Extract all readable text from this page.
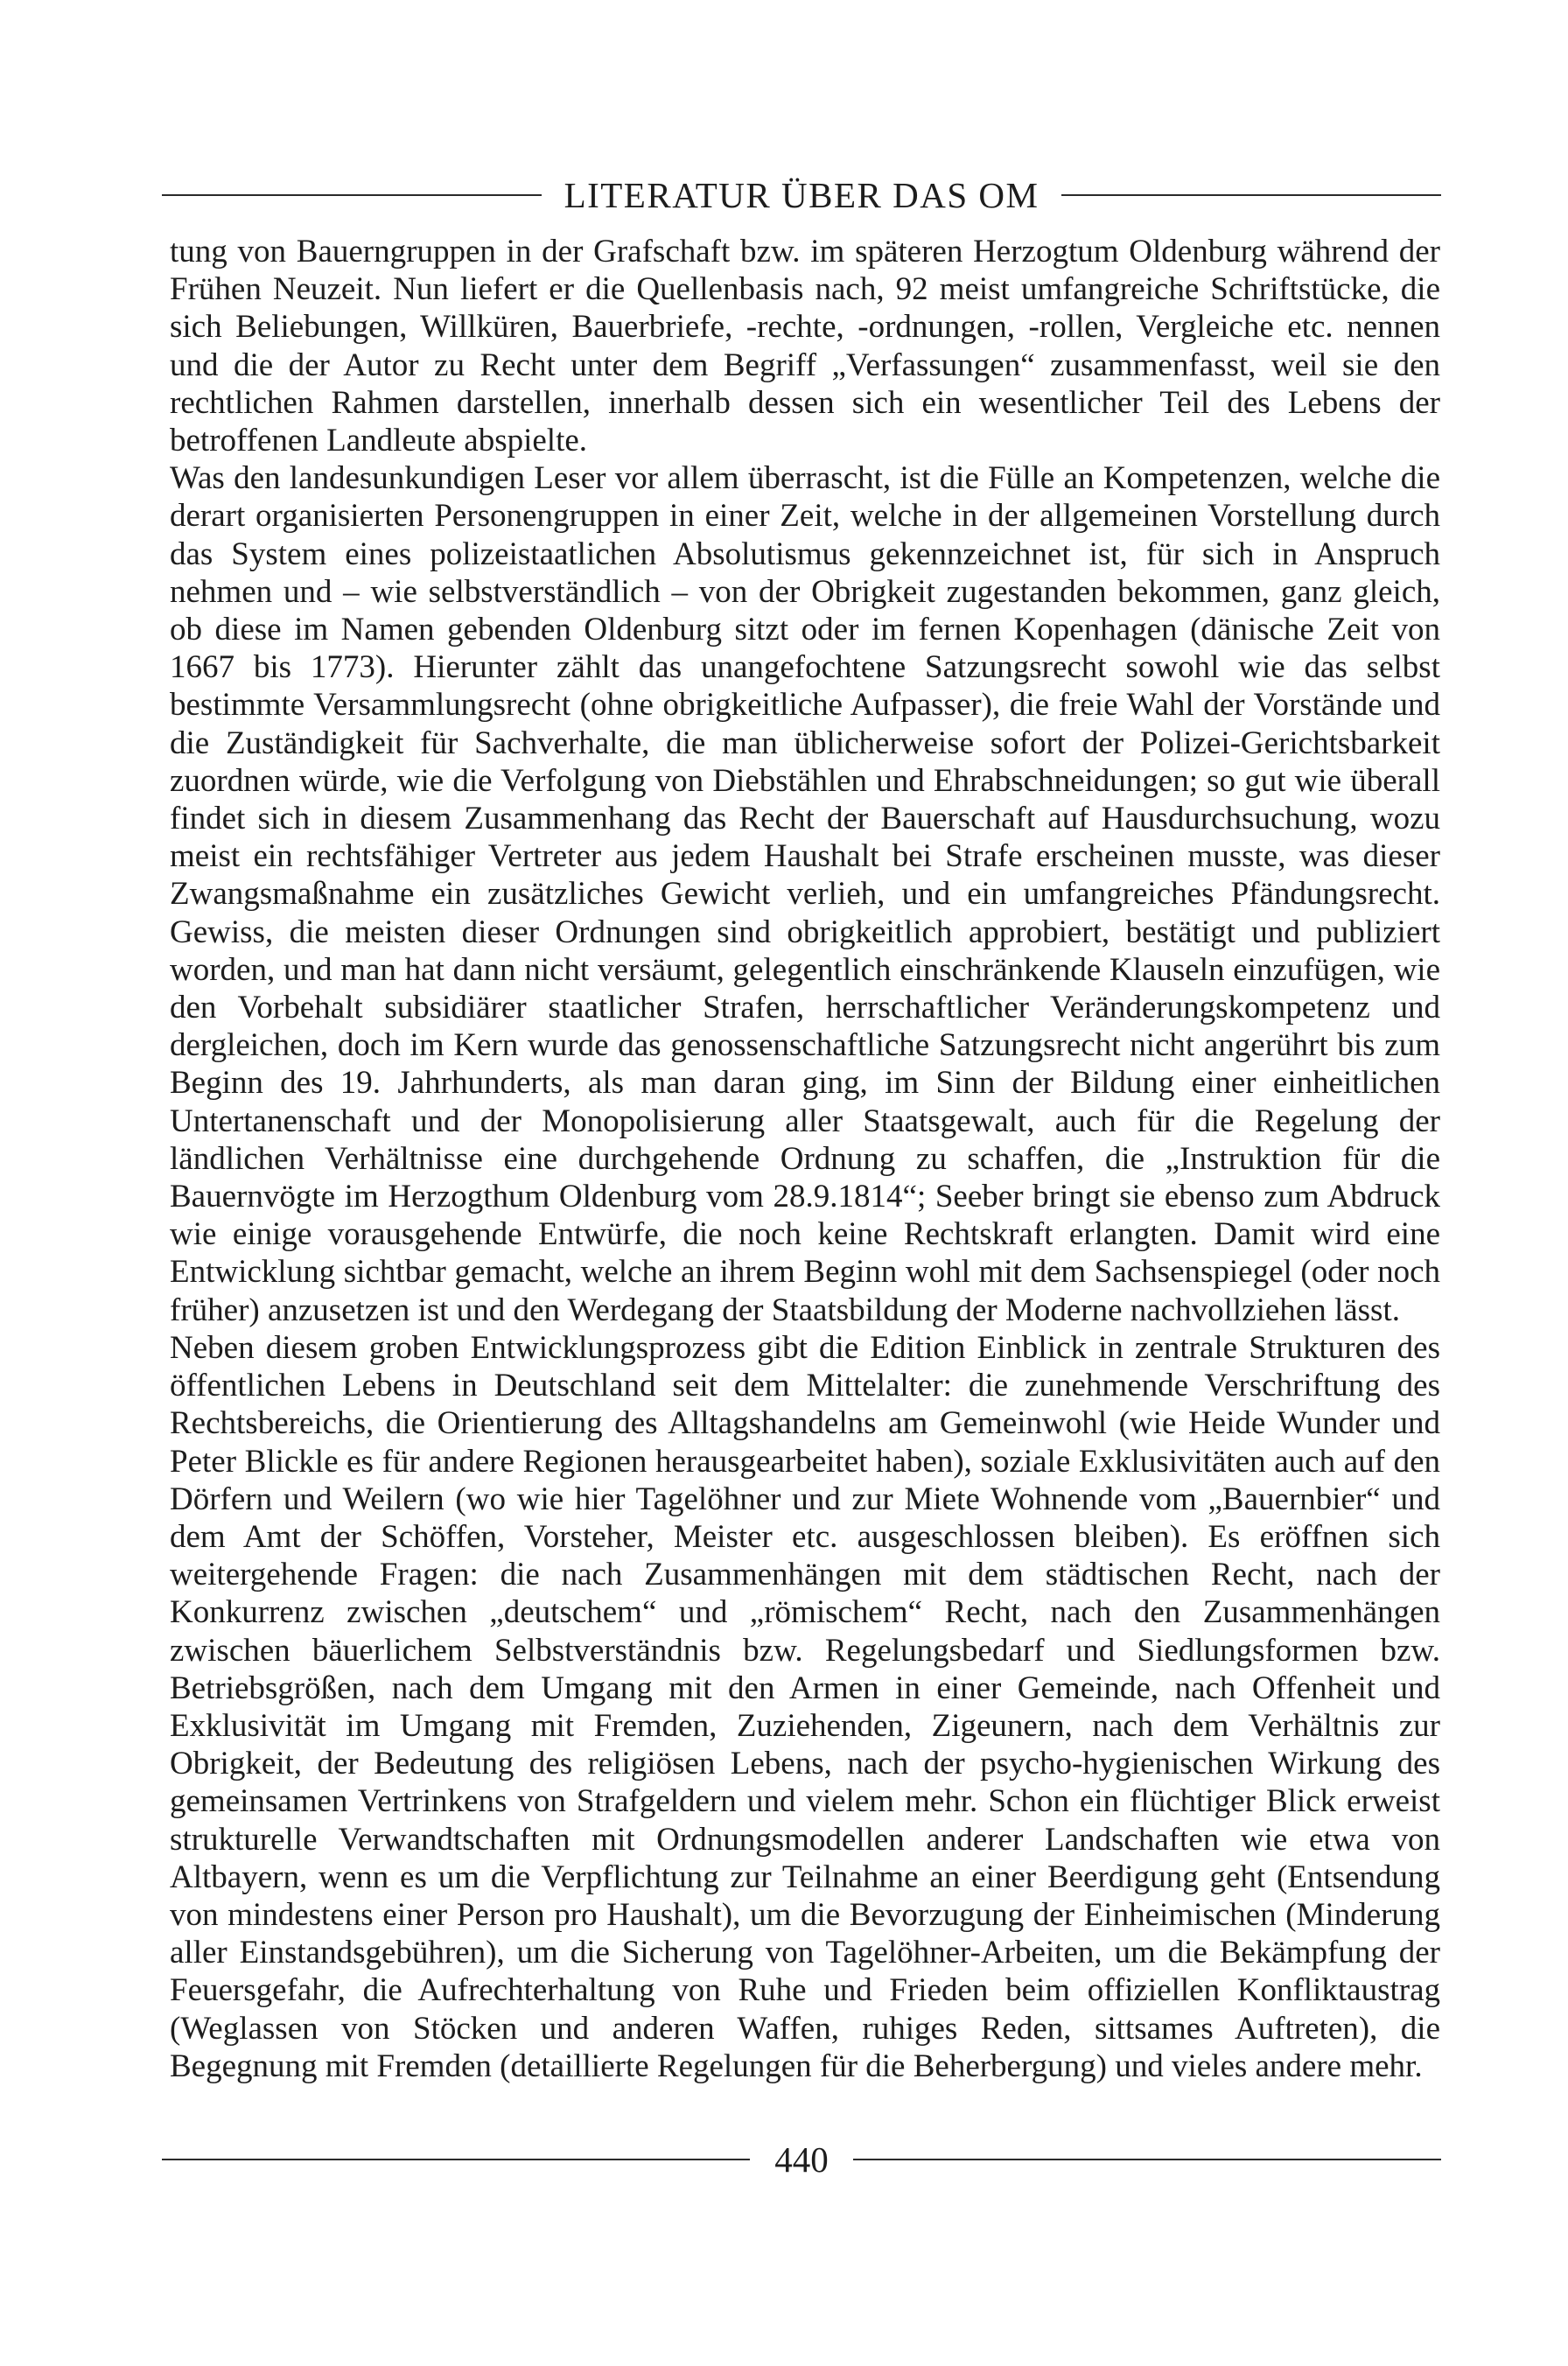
LITERATUR ÜBER DAS OM

tung von Bauerngruppen in der Grafschaft bzw. im späteren Herzogtum Oldenburg während der Frühen Neuzeit. Nun liefert er die Quellenbasis nach, 92 meist umfangreiche Schriftstücke, die sich Beliebungen, Willküren, Bauerbriefe, -rechte, -ordnungen, -rollen, Vergleiche etc. nennen und die der Autor zu Recht unter dem Begriff „Verfassungen“ zusammenfasst, weil sie den rechtlichen Rahmen darstellen, innerhalb dessen sich ein wesentlicher Teil des Lebens der betroffenen Landleute abspielte.

Was den landesunkundigen Leser vor allem überrascht, ist die Fülle an Kompetenzen, welche die derart organisierten Personengruppen in einer Zeit, welche in der allgemeinen Vorstellung durch das System eines polizeistaatlichen Absolutismus gekennzeichnet ist, für sich in Anspruch nehmen und – wie selbstverständlich – von der Obrigkeit zugestanden bekommen, ganz gleich, ob diese im Namen gebenden Oldenburg sitzt oder im fernen Kopenhagen (dänische Zeit von 1667 bis 1773). Hierunter zählt das unangefochtene Satzungsrecht sowohl wie das selbst bestimmte Versammlungsrecht (ohne obrigkeitliche Aufpasser), die freie Wahl der Vorstände und die Zuständigkeit für Sachverhalte, die man üblicherweise sofort der Polizei-Gerichtsbarkeit zuordnen würde, wie die Verfolgung von Diebstählen und Ehrabschneidungen; so gut wie überall findet sich in diesem Zusammenhang das Recht der Bauerschaft auf Hausdurchsuchung, wozu meist ein rechtsfähiger Vertreter aus jedem Haushalt bei Strafe erscheinen musste, was dieser Zwangsmaßnahme ein zusätzliches Gewicht verlieh, und ein umfangreiches Pfändungsrecht. Gewiss, die meisten dieser Ordnungen sind obrigkeitlich approbiert, bestätigt und publiziert worden, und man hat dann nicht versäumt, gelegentlich einschränkende Klauseln einzufügen, wie den Vorbehalt subsidiärer staatlicher Strafen, herrschaftlicher Veränderungskompetenz und dergleichen, doch im Kern wurde das genossenschaftliche Satzungsrecht nicht angerührt bis zum Beginn des 19. Jahrhunderts, als man daran ging, im Sinn der Bildung einer einheitlichen Untertanenschaft und der Monopolisierung aller Staatsgewalt, auch für die Regelung der ländlichen Verhältnisse eine durchgehende Ordnung zu schaffen, die „Instruktion für die Bauernvögte im Herzogthum Oldenburg vom 28.9.1814“; Seeber bringt sie ebenso zum Abdruck wie einige vorausgehende Entwürfe, die noch keine Rechtskraft erlangten. Damit wird eine Entwicklung sichtbar gemacht, welche an ihrem Beginn wohl mit dem Sachsenspiegel (oder noch früher) anzusetzen ist und den Werdegang der Staatsbildung der Moderne nachvollziehen lässt.

Neben diesem groben Entwicklungsprozess gibt die Edition Einblick in zentrale Strukturen des öffentlichen Lebens in Deutschland seit dem Mittelalter: die zunehmende Verschriftung des Rechtsbereichs, die Orientierung des Alltagshandelns am Gemeinwohl (wie Heide Wunder und Peter Blickle es für andere Regionen herausgearbeitet haben), soziale Exklusivitäten auch auf den Dörfern und Weilern (wo wie hier Tagelöhner und zur Miete Wohnende vom „Bauernbier“ und dem Amt der Schöffen, Vorsteher, Meister etc. ausgeschlossen bleiben). Es eröffnen sich weitergehende Fragen: die nach Zusammenhängen mit dem städtischen Recht, nach der Konkurrenz zwischen „deutschem“ und „römischem“ Recht, nach den Zusammenhängen zwischen bäuerlichem Selbstverständnis bzw. Regelungsbedarf und Siedlungsformen bzw. Betriebsgrößen, nach dem Umgang mit den Armen in einer Gemeinde, nach Offenheit und Exklusivität im Umgang mit Fremden, Zuziehenden, Zigeunern, nach dem Verhältnis zur Obrigkeit, der Bedeutung des religiösen Lebens, nach der psycho-hygienischen Wirkung des gemeinsamen Vertrinkens von Strafgeldern und vielem mehr. Schon ein flüchtiger Blick erweist strukturelle Verwandtschaften mit Ordnungsmodellen anderer Landschaften wie etwa von Altbayern, wenn es um die Verpflichtung zur Teilnahme an einer Beerdigung geht (Entsendung von mindestens einer Person pro Haushalt), um die Bevorzugung der Einheimischen (Minderung aller Einstandsgebühren), um die Sicherung von Tagelöhner-Arbeiten, um die Bekämpfung der Feuersgefahr, die Aufrechterhaltung von Ruhe und Frieden beim offiziellen Konfliktaustrag (Weglassen von Stöcken und anderen Waffen, ruhiges Reden, sittsames Auftreten), die Begegnung mit Fremden (detaillierte Regelungen für die Beherbergung) und vieles andere mehr.

440
